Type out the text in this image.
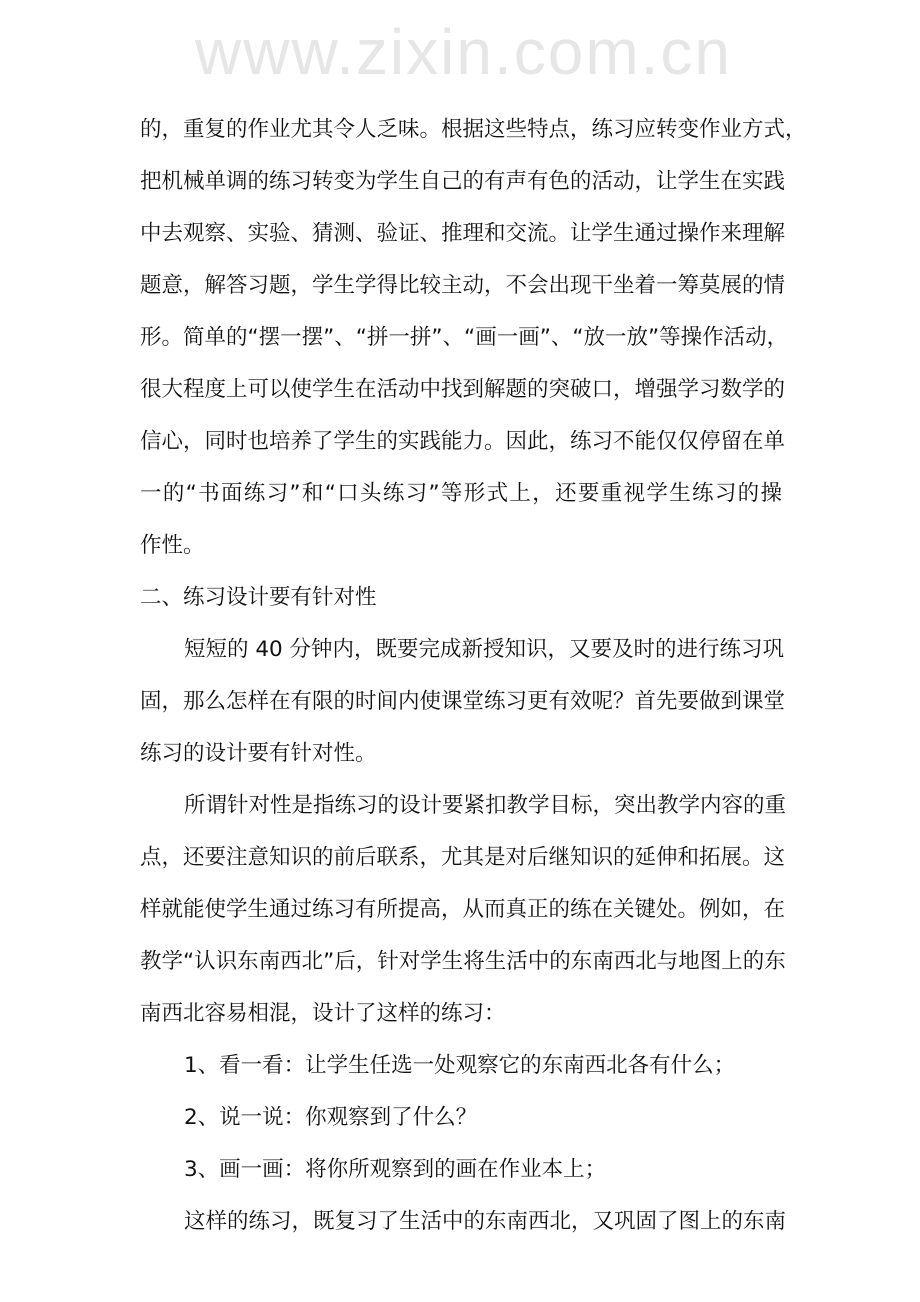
www.zixin.com.cn
的，重复的作业尤其令人乏味。根据这些特点，练习应转变作业方式，
把机械单调的练习转变为学生自己的有声有色的活动，让学生在实践
中去观察、实验、猜测、验证、推理和交流。让学生通过操作来理解
题意，解答习题，学生学得比较主动，不会出现干坐着一筹莫展的情
形。简单的“摆一摆”、“拼一拼”、“画一画”、“放一放”等操作活动，
很大程度上可以使学生在活动中找到解题的突破口，增强学习数学的
信心，同时也培养了学生的实践能力。因此，练习不能仅仅停留在单
一的“书面练习”和“口头练习”等形式上，还要重视学生练习的操
作性。
二、练习设计要有针对性
短短的 40 分钟内，既要完成新授知识，又要及时的进行练习巩
固，那么怎样在有限的时间内使课堂练习更有效呢？首先要做到课堂
练习的设计要有针对性。
所谓针对性是指练习的设计要紧扣教学目标，突出教学内容的重
点，还要注意知识的前后联系，尤其是对后继知识的延伸和拓展。这
样就能使学生通过练习有所提高，从而真正的练在关键处。例如，在
教学“认识东南西北”后，针对学生将生活中的东南西北与地图上的东
南西北容易相混，设计了这样的练习：
1、看一看：让学生任选一处观察它的东南西北各有什么；
2、说一说：你观察到了什么？
3、画一画：将你所观察到的画在作业本上；
这样的练习，既复习了生活中的东南西北，又巩固了图上的东南
